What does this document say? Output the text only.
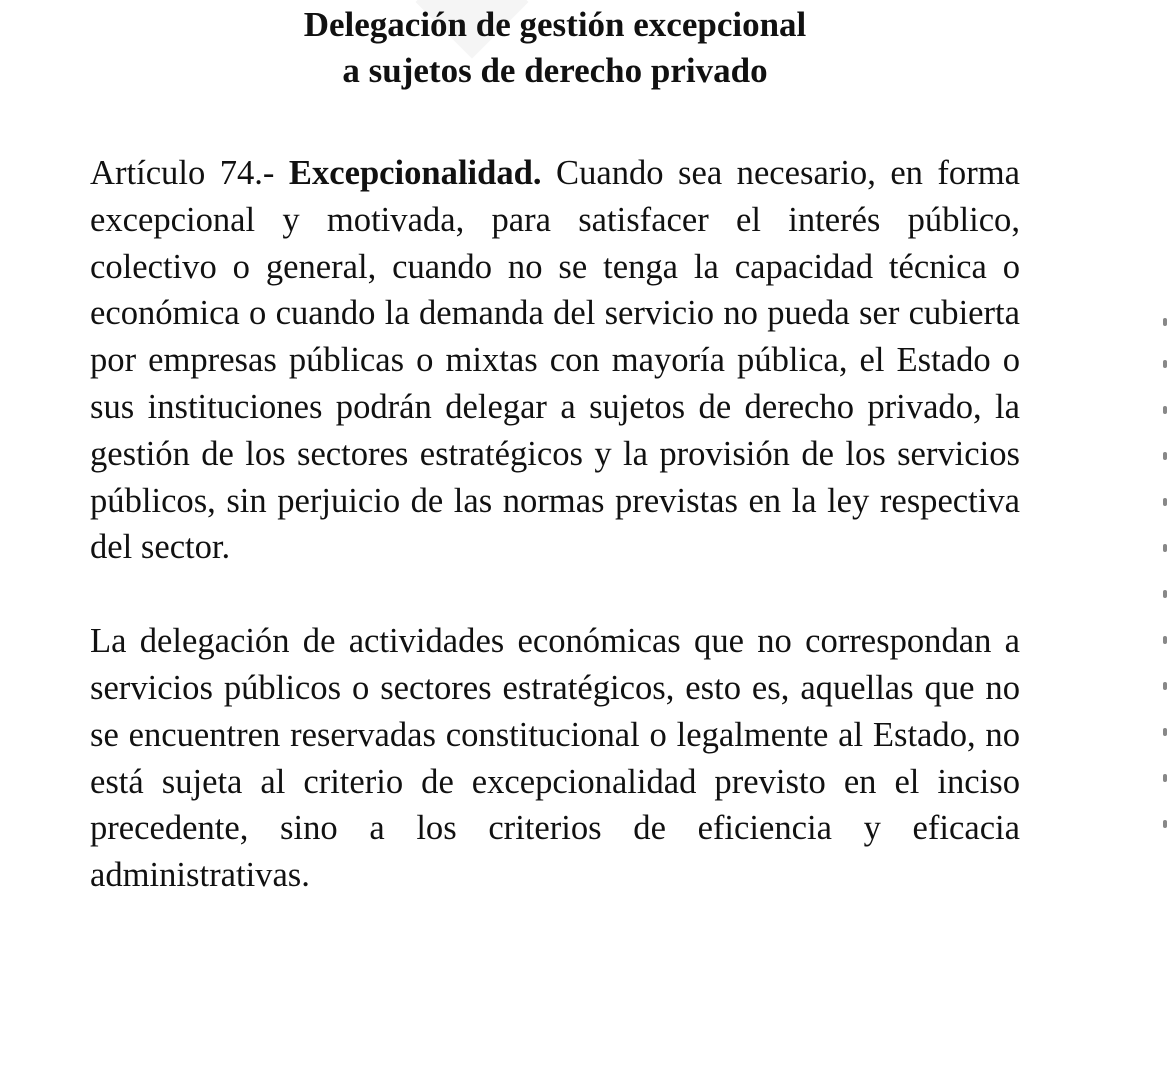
Delegación de gestión excepcional
a sujetos de derecho privado

Artículo 74.- Excepcionalidad. Cuando sea necesario, en forma excepcional y motivada, para satisfacer el interés público, colectivo o general, cuando no se tenga la capacidad técnica o económica o cuando la demanda del servicio no pueda ser cubierta por empresas públicas o mixtas con mayoría pública, el Estado o sus instituciones podrán delegar a sujetos de derecho privado, la gestión de los sectores estratégicos y la provisión de los servicios públicos, sin perjuicio de las normas previstas en la ley respectiva del sector.

La delegación de actividades económicas que no correspondan a servicios públicos o sectores estratégicos, esto es, aquellas que no se encuentren reservadas constitucional o legalmente al Estado, no está sujeta al criterio de excepcionalidad previsto en el inciso precedente, sino a los criterios de eficiencia y eficacia administrativas.
